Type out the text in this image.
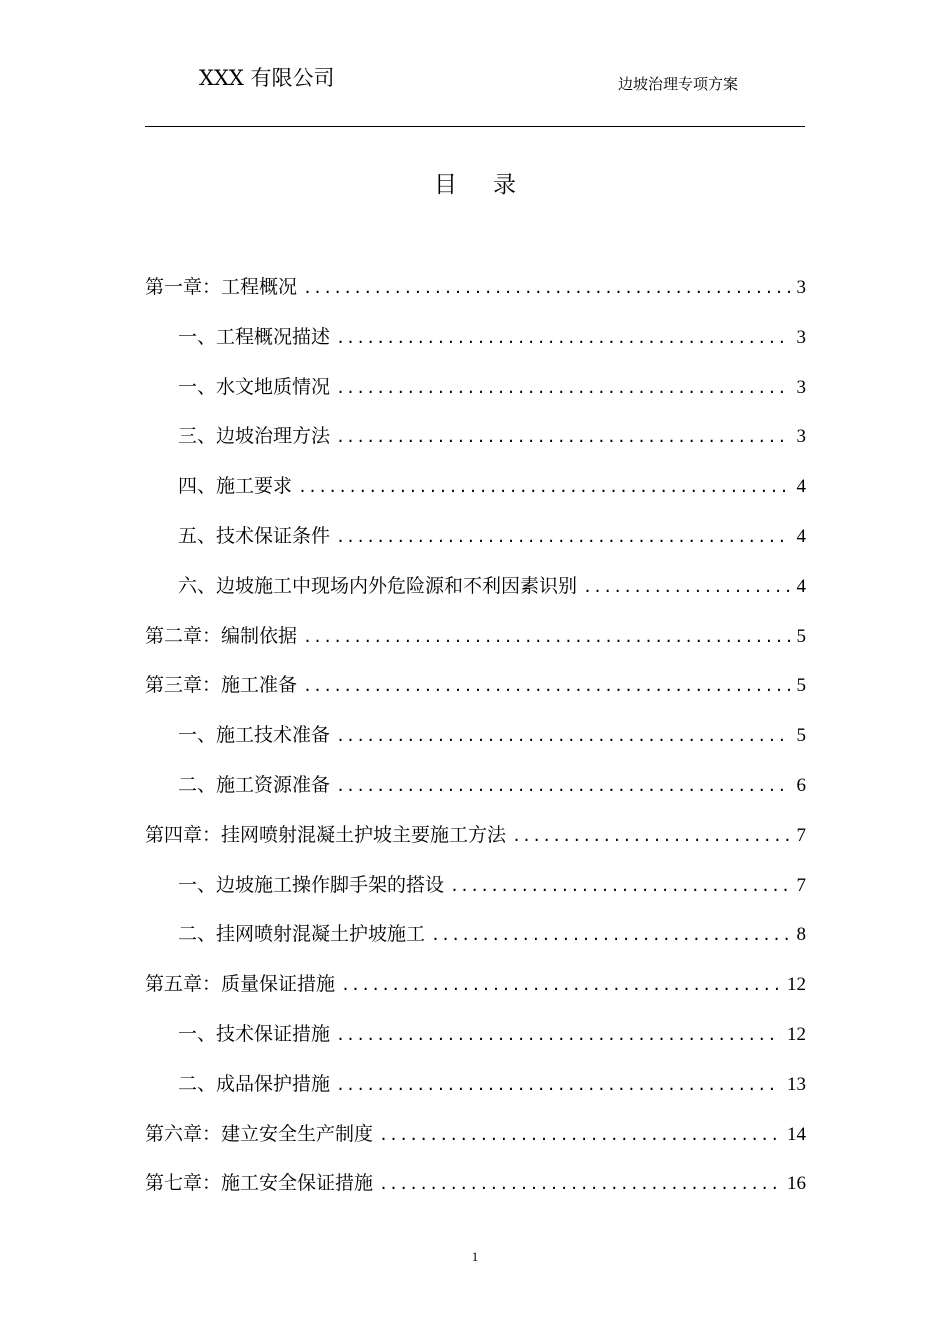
XXX 有限公司	边坡治理专项方案
目录
第一章：工程概况 .....	3
一、工程概况描述 .....	3
一、水文地质情况 .....	3
三、边坡治理方法 .....	3
四、施工要求 .....	4
五、技术保证条件 .....	4
六、边坡施工中现场内外危险源和不利因素识别 .....	4
第二章：编制依据 .....	5
第三章：施工准备 .....	5
一、施工技术准备 .....	5
二、施工资源准备 .....	6
第四章：挂网喷射混凝土护坡主要施工方法 .....	7
一、边坡施工操作脚手架的搭设 .....	7
二、挂网喷射混凝土护坡施工 .....	8
第五章：质量保证措施 .....	12
一、技术保证措施 .....	12
二、成品保护措施 .....	13
第六章：建立安全生产制度 .....	14
第七章：施工安全保证措施 .....	16
1
